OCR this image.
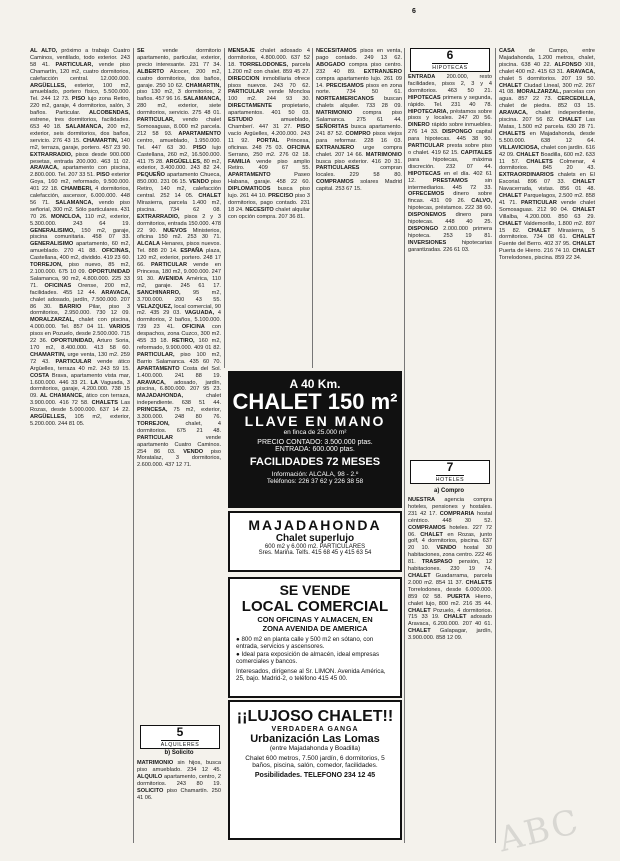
6

AL ALTO, próximo a trabajo Cuatro Caminos, ventilado, todo exterior. 243 58 41. PARTICULAR, vende piso Chamartín, 120 m2, cuatro dormitorios, calefacción central. 12.000.000. ARGÜELLES, exterior, 100 m2, amueblado, portero físico, 5.500.000. Tel. 244 12 73. PISO lujo zona Retiro, 220 m2, garaje, 4 dormitorios, salón, 3 baños. Particular. ALCOBENDAS, estrene, tres dormitorios, facilidades. 653 40 18. SALAMANCA, 200 m2, exterior, seis dormitorios, dos baños, servicio. 276 43 15. CHAMARTIN, 140 m2, terraza, garaje, portero. 457 23 90. EXTRARRADIO, pisos desde 900.000 pesetas, entrada 200.000. 463 11 02. ARAVACA, apartamento con piscina, 2.800.000. Tel. 207 33 51. PISO exterior Goya, 160 m2, reformado, 9.500.000. 401 22 18. CHAMBERI, 4 dormitorios, calefacción, ascensor, 6.000.000. 448 56 71. SALAMANCA, vendo piso señorial, 300 m2. Sólo particulares. 431 70 26. MONCLOA, 110 m2, exterior, 5.300.000. 243 64 19. GENERALISIMO, 150 m2, garaje, piscina comunitaria. 458 07 33. GENERALISIMO apartamento, 60 m2, amueblado. 270 41 88. OFICINAS, Castellana, 400 m2, dividido. 419 23 60. TORREJON, piso nuevo, 85 m2, 2.100.000. 675 10 09. OPORTUNIDAD Salamanca, 90 m2, 4.800.000. 225 33 71. OFICINAS Orense, 200 m2, facilidades. 455 12 44. ARAVACA, chalet adosado, jardín, 7.500.000. 207 86 30. BARRIO Pilar, piso 3 dormitorios, 2.950.000. 730 12 09. MORALZARZAL, chalet con piscina, 4.000.000. Tel. 857 04 11. VARIOS pisos en Pozuelo, desde 2.500.000. 715 22 36. OPORTUNIDAD, Arturo Soria, 170 m2, 8.400.000. 413 58 60. CHAMARTIN, urge venta, 130 m2. 259 72 43. PARTICULAR vende ático Argüelles, terraza 40 m2. 243 59 15. COSTA Brava, apartamento vista mar, 1.600.000. 446 33 21. LA Vaguada, 3 dormitorios, garaje, 4.200.000. 738 15 09. AL CHAMANCE, ático con terraza, 3.900.000. 416 72 58. CHALETS Las Rozas, desde 5.000.000. 637 14 22. ARGÜELLES, 105 m2, exterior, 5.200.000. 244 81 05.

SE vende dormitorio apartamento, particular, exterior, precio interesante. 231 77 34. ALBERTO Alcocer, 200 m2, cuatro dormitorios, dos baños, garaje. 250 10 62. CHAMARTIN, piso 130 m2, 3 dormitorios, 2 baños. 457 96 16. SALAMANCA, 280 m2, exterior, siete dormitorios, servicio. 275 48 01. PARTICULAR, vendo chalet Somosaguas, 8.000 m2 parcela. 212 58 93. APARTAMENTO centro, amueblado, 1.950.000. Tel. 447 63 30. PISO lujo Castellana, 260 m2, 16.500.000. 411 75 28. ARGÜELLES, 80 m2, exterior, 3.400.000. 243 82 24. PEQUEÑO apartamento Chueca, 850.000. 231 06 15. VENDO piso Retiro, 140 m2, calefacción central. 252 14 05. CHALET Mirasierra, parcela 1.400 m2, piscina. 734 62 08. EXTRARRADIO, pisos 2 y 3 dormitorios, entrada 150.000. 478 22 90. NUEVOS Ministerios, oficina 150 m2. 253 30 71. ALCALA Henares, pisos nuevos. Tel. 888 20 14. ESPAÑA plaza, 120 m2, exterior, portero. 248 17 66. PARTICULAR vende en Princesa, 180 m2, 9.000.000. 247 91 30. AVENIDA América, 110 m2, garaje. 245 61 17. SANCHINARRO, 95 m2, 3.700.000. 200 43 55. VELAZQUEZ, local comercial, 90 m2. 435 29 03. VAGUADA, 4 dormitorios, 2 baños, 5.100.000. 739 23 41. OFICINA con despachos, zona Cuzco, 300 m2. 455 33 18. RETIRO, 160 m2, reformado, 9.900.000. 409 01 82. PARTICULAR, piso 100 m2, Barrio Salamanca. 435 60 70. APARTAMENTO Costa del Sol. 1.400.000. 241 88 19. ARAVACA, adosado, jardín, piscina, 6.800.000. 207 95 23. MAJADAHONDA, chalet independiente. 638 51 44. PRINCESA, 75 m2, exterior, 3.300.000. 248 80 76. TORREJON, chalet, 4 dormitorios. 675 21 48. PARTICULAR vende apartamento Cuatro Caminos. 254 86 03. VENDO piso Moratalaz, 3 dormitorios, 2.600.000. 437 12 71.

5
ALQUILERES
b) Solicito

MATRIMONIO sin hijos, busca piso amueblado. 234 12 45. ALQUILO apartamento, centro, 2 dormitorios. 243 80 19. SOLICITO piso Chamartín. 250 41 06.

MENSAJE chalet adosado 4 dormitorios, 4.800.000. 637 52 18. TORRELODONES, parcela 1.200 m2 con chalet. 859 45 27. DIRECCION inmobiliaria ofrece pisos nuevos. 243 70 62. PARTICULAR vende Moncloa 100 m2. 244 93 30. DIRECTAMENTE propietario, apartamentos. 401 50 03. ESTUDIO amueblado, Chamberí. 447 31 27. PISO vacío Argüelles, 4.200.000. 243 11 92. PORTAL Princesa, oficinas. 248 75 03. OFICINA Serrano, 250 m2. 276 02 18. FAMILIA vende piso amplio Retiro. 409 67 55. APARTAMENTO Paseo Habana, garaje. 458 22 60. DIPLOMATICOS busca piso lujo. 261 44 10. PRECISO piso 3 dormitorios, pago contado. 231 18 24. NECESITO chalet alquilar con opción compra. 207 36 81.

NECESITAMOS pisos en venta, pago contado. 249 13 62. ABOGADO compra piso centro. 232 40 89. EXTRANJERO compra apartamento lujo. 261 09 14. PRECISAMOS pisos en zona norte. 734 50 61. NORTEAMERICANOS buscan chalets alquiler. 733 28 09. MATRIMONIO compra piso Salamanca. 275 61 44. SEÑORITAS busca apartamento. 241 87 52. COMPRO pisos viejos para reformar. 228 16 03. EXTRANJERO urge compra chalet. 207 14 66. MATRIMONIO busca piso exterior. 416 20 31. PARTICULARES compran locales. 229 58 80. COMPRAMOS solares Madrid capital. 253 67 15.

A 40 Km.
CHALET 150 m²
LLAVE EN MANO
en finca de 25.000 m²
PRECIO CONTADO: 3.500.000 ptas.
ENTRADA: 600.000 ptas.
FACILIDADES 72 MESES
Información: ALCALA, 98 - 2.º
Teléfonos: 226 37 62 y 226 38 58
MAJADAHONDA
Chalet superlujo
600 m2 y 6.000 m2. PARTICULARES
Sres. Marina. Telfs. 415 68 45 y 415 63 54
SE VENDE
LOCAL COMERCIAL
CON OFICINAS Y ALMACEN, EN
ZONA AVENIDA DE AMERICA
● 800 m2 en planta calle y 500 m2 en sótano, con entrada, servicios y ascensores.
● Ideal para exposición de almacén, ideal empresas comerciales y bancos.
Interesados, dirígense al Sr. LIMON. Avenida América, 25, bajo. Madrid-2, o teléfono 415 45 00.
¡¡LUJOSO CHALET!!
VERDADERA GANGA
Urbanización Las Lomas
(entre Majadahonda y Boadilla)
Chalet 600 metros, 7.500 jardín, 6 dormitorios, 5 baños, piscina, salón, comedor, facilidades.
Posibilidades. TELEFONO 234 12 45
6
HIPOTECAS

ENTRADA 200.000, resto facilidades, pisos 2, 3 y 4 dormitorios. 463 50 21. HIPOTECAS primera y segunda, rápido. Tel. 231 40 78. HIPOTECARIA, préstamos sobre pisos y locales. 247 20 56. DINERO rápido sobre inmuebles. 276 14 33. DISPONGO capital para hipotecas. 445 38 90. PARTICULAR presta sobre piso o chalet. 419 62 15. CAPITALES para hipotecas, máxima discreción. 232 07 44. HIPOTECAS en el día. 402 61 12. PRESTAMOS sin intermediarios. 445 72 33. OFRECEMOS dinero sobre fincas. 431 09 26. CALVO, hipotecas, préstamos. 222 38 60. DISPONEMOS dinero para hipotecas. 448 40 25. DISPONGO 2.000.000 primera hipoteca. 253 19 81. INVERSIONES hipotecarias garantizadas. 226 61 03.

7
HOTELES
a) Compro

NUESTRA agencia compra hoteles, pensiones y hostales. 231 42 17. COMPRARIA hostal céntrico. 448 30 52. COMPRAMOS hoteles. 227 72 06. CHALET en Rozas, junto golf, 4 dormitorios, piscina. 637 20 10. VENDO hostal 30 habitaciones, zona centro. 222 46 81. TRASPASO pensión, 12 habitaciones. 230 19 74. CHALET Guadarrama, parcela 2.000 m2. 854 11 37. CHALETS Torrelodones, desde 6.000.000. 859 02 58. PUERTA Hierro, chalet lujo, 800 m2. 216 35 44. CHALET Pozuelo, 4 dormitorios. 715 33 19. CHALET adosado Aravaca, 6.200.000. 207 40 61. CHALET Galapagar, jardín, 3.900.000. 858 12 09.

CASA de Campo, entre Majadahonda, 1.200 metros, chalet, piscina. 638 40 22. ALFONSO XIII, chalet 400 m2. 415 63 31. ARAVACA, chalet 5 dormitorios. 207 19 50. CHALET Ciudad Lineal, 300 m2. 267 41 08. MORALZARZAL, parcelas con agua. 857 22 73. CERCEDILLA, chalet de piedra. 852 03 15. ARAVACA, chalet independiente, piscina. 207 56 82. CHALET Las Matas, 1.500 m2 parcela. 630 28 71. CHALETS en Majadahonda, desde 5.500.000. 638 12 64. VILLAVICIOSA, chalet con jardín. 616 42 09. CHALET Boadilla, 600 m2. 633 11 57. CHALETS Colmenar, 4 dormitorios. 845 20 43. EXTRAORDINARIOS chalets en El Escorial. 896 07 33. CHALET Navacerrada, vistas. 856 01 48. CHALET Parquelagos, 2.500 m2. 858 41 71. PARTICULAR vende chalet Somosaguas. 212 90 04. CHALET Villalba, 4.200.000. 850 63 29. CHALET Valdemorillo, 1.800 m2. 897 15 82. CHALET Mirasierra, 5 dormitorios. 734 08 61. CHALET Fuente del Berro. 402 37 95. CHALET Puerta de Hierro. 216 74 10. CHALET Torrelodones, piscina. 859 22 34.

ABC
